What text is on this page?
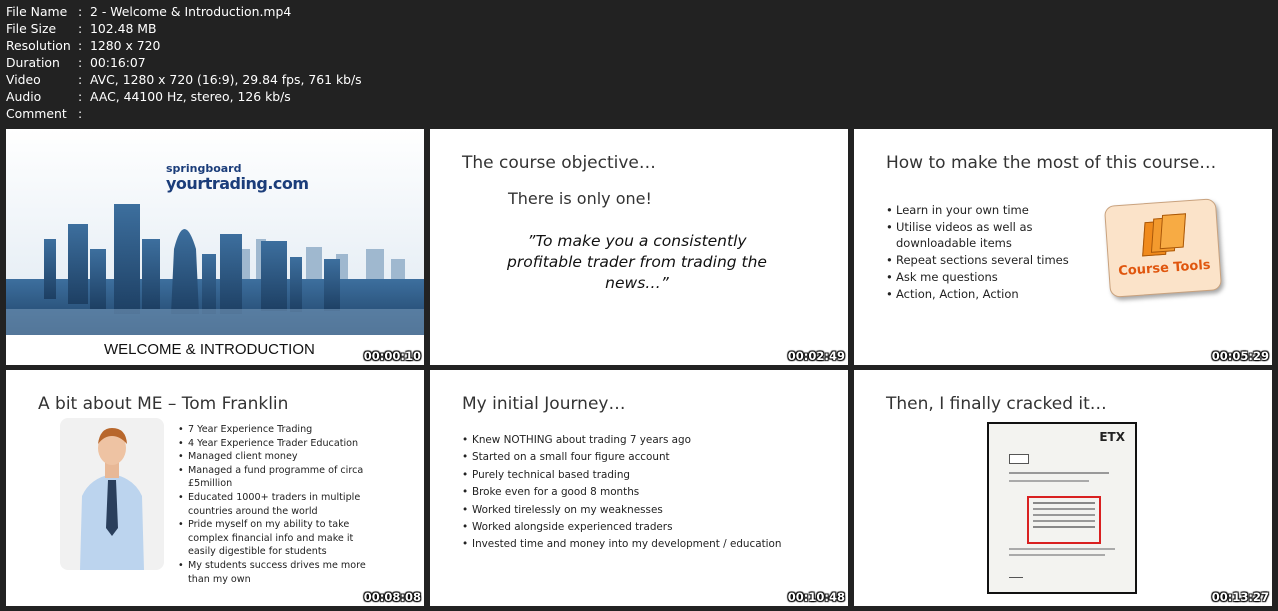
File Name : 2 - Welcome & Introduction.mp4
File Size	: 102.48 MB
Resolution : 1280 x 720
Duration	: 00:16:07
Video	: AVC, 1280 x 720 (16:9), 29.84 fps, 761 kb/s
Audio	: AAC, 44100 Hz, stereo, 126 kb/s
Comment :
springboard
yourtrading.com
WELCOME & INTRODUCTION	00:00:10
The course objective…
There is only one!
”To make you a consistently profitable trader from trading the news…”
00:02:49
How to make the most of this course…
• Learn in your own time
• Utilise videos as well as downloadable items
• Repeat sections several times
• Ask me questions
• Action, Action, Action
Course Tools
00:05:29
A bit about ME – Tom Franklin
• 7 Year Experience Trading
• 4 Year Experience Trader Education
• Managed client money
• Managed a fund programme of circa £5million
• Educated 1000+ traders in multiple countries around the world
• Pride myself on my ability to take complex financial info and make it easily digestible for students
• My students success drives me more than my own
00:08:08
My initial Journey…
• Knew NOTHING about trading 7 years ago
• Started on a small four figure account
• Purely technical based trading
• Broke even for a good 8 months
• Worked tirelessly on my weaknesses
• Worked alongside experienced traders
• Invested time and money into my development / education
00:10:48
Then, I finally cracked it…
ETX
00:13:27
